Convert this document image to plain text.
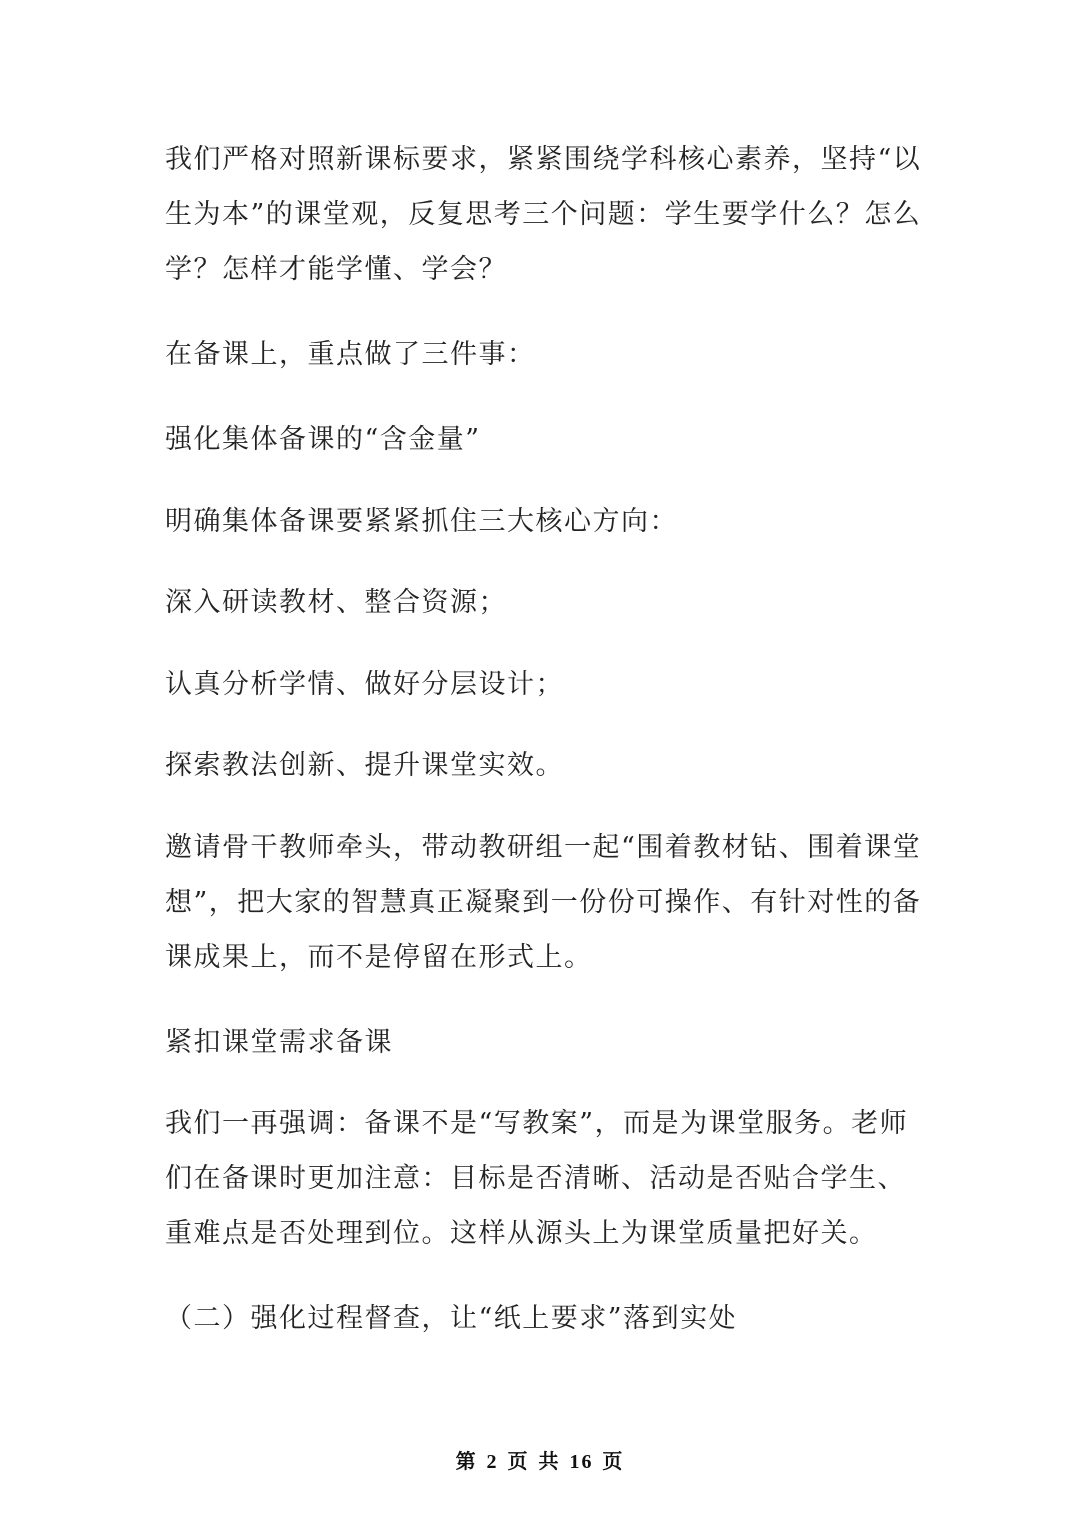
我们严格对照新课标要求，紧紧围绕学科核心素养，坚持“以生为本”的课堂观，反复思考三个问题：学生要学什么？怎么学？怎样才能学懂、学会？

在备课上，重点做了三件事：

强化集体备课的“含金量”

明确集体备课要紧紧抓住三大核心方向：

深入研读教材、整合资源；

认真分析学情、做好分层设计；

探索教法创新、提升课堂实效。

邀请骨干教师牵头，带动教研组一起“围着教材钻、围着课堂想”，把大家的智慧真正凝聚到一份份可操作、有针对性的备课成果上，而不是停留在形式上。

紧扣课堂需求备课

我们一再强调：备课不是“写教案”，而是为课堂服务。老师们在备课时更加注意：目标是否清晰、活动是否贴合学生、重难点是否处理到位。这样从源头上为课堂质量把好关。

（二）强化过程督查，让“纸上要求”落到实处

第 2 页 共 16 页
